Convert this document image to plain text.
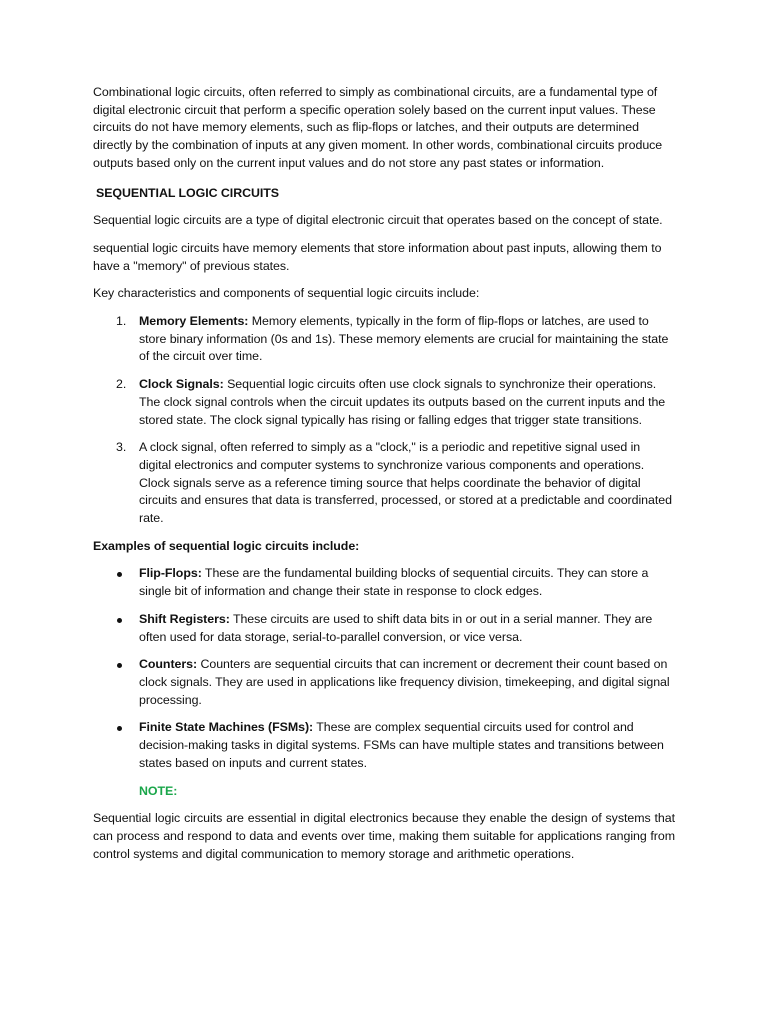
Combinational logic circuits, often referred to simply as combinational circuits, are a fundamental type of digital electronic circuit that perform a specific operation solely based on the current input values. These circuits do not have memory elements, such as flip-flops or latches, and their outputs are determined directly by the combination of inputs at any given moment. In other words, combinational circuits produce outputs based only on the current input values and do not store any past states or information.

SEQUENTIAL LOGIC CIRCUITS

Sequential logic circuits are a type of digital electronic circuit that operates based on the concept of state.

sequential logic circuits have memory elements that store information about past inputs, allowing them to have a "memory" of previous states.

Key characteristics and components of sequential logic circuits include:

1. Memory Elements: Memory elements, typically in the form of flip-flops or latches, are used to store binary information (0s and 1s). These memory elements are crucial for maintaining the state of the circuit over time.
2. Clock Signals: Sequential logic circuits often use clock signals to synchronize their operations. The clock signal controls when the circuit updates its outputs based on the current inputs and the stored state. The clock signal typically has rising or falling edges that trigger state transitions.
3. A clock signal, often referred to simply as a "clock," is a periodic and repetitive signal used in digital electronics and computer systems to synchronize various components and operations. Clock signals serve as a reference timing source that helps coordinate the behavior of digital circuits and ensures that data is transferred, processed, or stored at a predictable and coordinated rate.

Examples of sequential logic circuits include:

Flip-Flops: These are the fundamental building blocks of sequential circuits. They can store a single bit of information and change their state in response to clock edges.
Shift Registers: These circuits are used to shift data bits in or out in a serial manner. They are often used for data storage, serial-to-parallel conversion, or vice versa.
Counters: Counters are sequential circuits that can increment or decrement their count based on clock signals. They are used in applications like frequency division, timekeeping, and digital signal processing.
Finite State Machines (FSMs): These are complex sequential circuits used for control and decision-making tasks in digital systems. FSMs can have multiple states and transitions between states based on inputs and current states.

NOTE:

Sequential logic circuits are essential in digital electronics because they enable the design of systems that can process and respond to data and events over time, making them suitable for applications ranging from control systems and digital communication to memory storage and arithmetic operations.
